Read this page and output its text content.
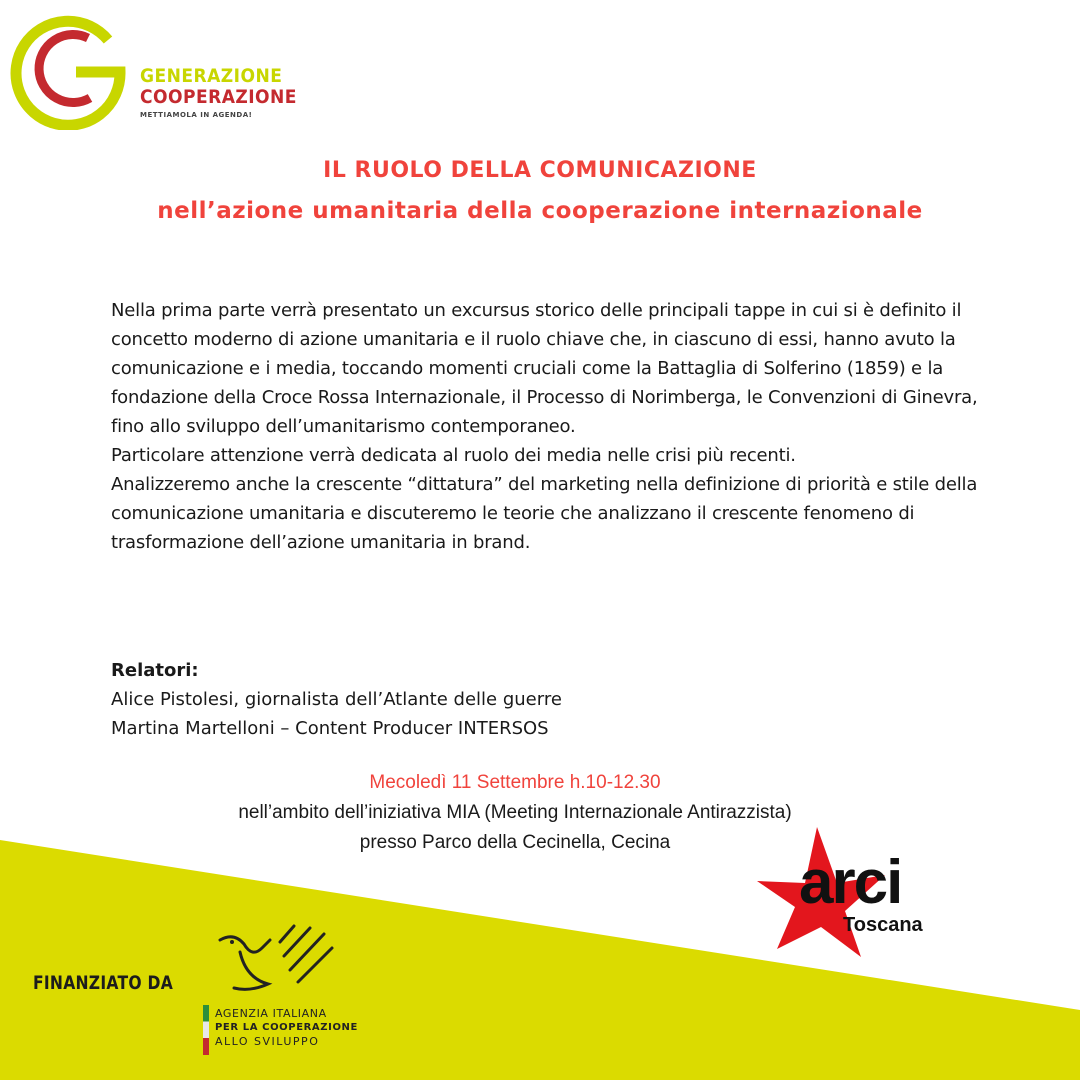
GENERAZIONE
COOPERAZIONE
METTIAMOLA IN AGENDA!
IL RUOLO DELLA COMUNICAZIONE
nell’azione umanitaria della cooperazione internazionale

Nella prima parte verrà presentato un excursus storico delle principali tappe in cui si è definito il concetto moderno di azione umanitaria e il ruolo chiave che, in ciascuno di essi, hanno avuto la comunicazione e i media, toccando momenti cruciali come la Battaglia di Solferino (1859) e la fondazione della Croce Rossa Internazionale, il Processo di Norimberga, le Convenzioni di Ginevra, fino allo sviluppo dell’umanitarismo contemporaneo.

Particolare attenzione verrà dedicata al ruolo dei media nelle crisi più recenti.

Analizzeremo anche la crescente “dittatura” del marketing nella definizione di priorità e stile della comunicazione umanitaria e discuteremo le teorie che analizzano il crescente fenomeno di trasformazione dell’azione umanitaria in brand.

Relatori:
Alice Pistolesi, giornalista dell’Atlante delle guerre
Martina Martelloni – Content Producer INTERSOS
Mecoledì 11 Settembre h.10-12.30
nell’ambito dell’iniziativa MIA (Meeting Internazionale Antirazzista)
presso Parco della Cecinella, Cecina
arci
Toscana
FINANZIATO DA
AGENZIA ITALIANA
PER LA COOPERAZIONE
ALLO SVILUPPO
